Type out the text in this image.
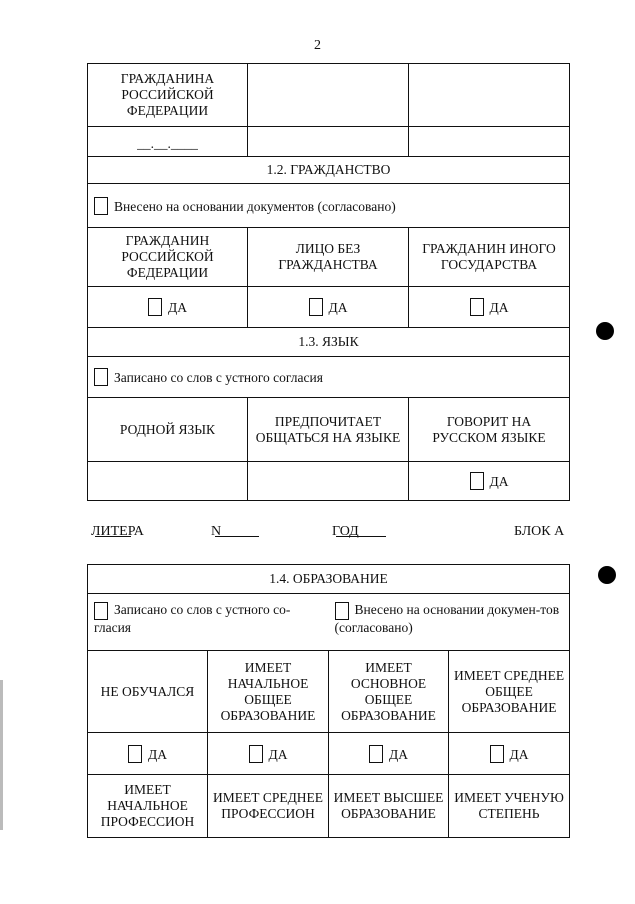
2
ГРАЖДАНИНА РОССИЙСКОЙ ФЕДЕРАЦИИ		
__.__.____		
1.2. ГРАЖДАНСТВО		
Внесено на основании документов (согласовано)		
ГРАЖДАНИН РОССИЙСКОЙ ФЕДЕРАЦИИ	ЛИЦО БЕЗ ГРАЖДАНСТВА	ГРАЖДАНИН ИНОГО ГОСУДАРСТВА
ДА	ДА	ДА
1.3. ЯЗЫК		
Записано со слов с устного согласия		
РОДНОЙ ЯЗЫК	ПРЕДПОЧИТАЕТ ОБЩАТЬСЯ НА ЯЗЫКЕ	ГОВОРИТ НА РУССКОМ ЯЗЫКЕ
		ДА
ЛИТЕРА	N	ГОД	БЛОК А
1.4. ОБРАЗОВАНИЕ			
Записано со слов с устного со-гласия		Внесено на основании докумен-тов (согласовано)	
НЕ ОБУЧАЛСЯ	ИМЕЕТ НАЧАЛЬНОЕ ОБЩЕЕ ОБРАЗОВАНИЕ	ИМЕЕТ ОСНОВНОЕ ОБЩЕЕ ОБРАЗОВАНИЕ	ИМЕЕТ СРЕДНЕЕ ОБЩЕЕ ОБРАЗОВАНИЕ
ДА	ДА	ДА	ДА
ИМЕЕТ НАЧАЛЬНОЕ ПРОФЕССИОН	ИМЕЕТ СРЕДНЕЕ ПРОФЕССИОН	ИМЕЕТ ВЫСШЕЕ ОБРАЗОВАНИЕ	ИМЕЕТ УЧЕНУЮ СТЕПЕНЬ
